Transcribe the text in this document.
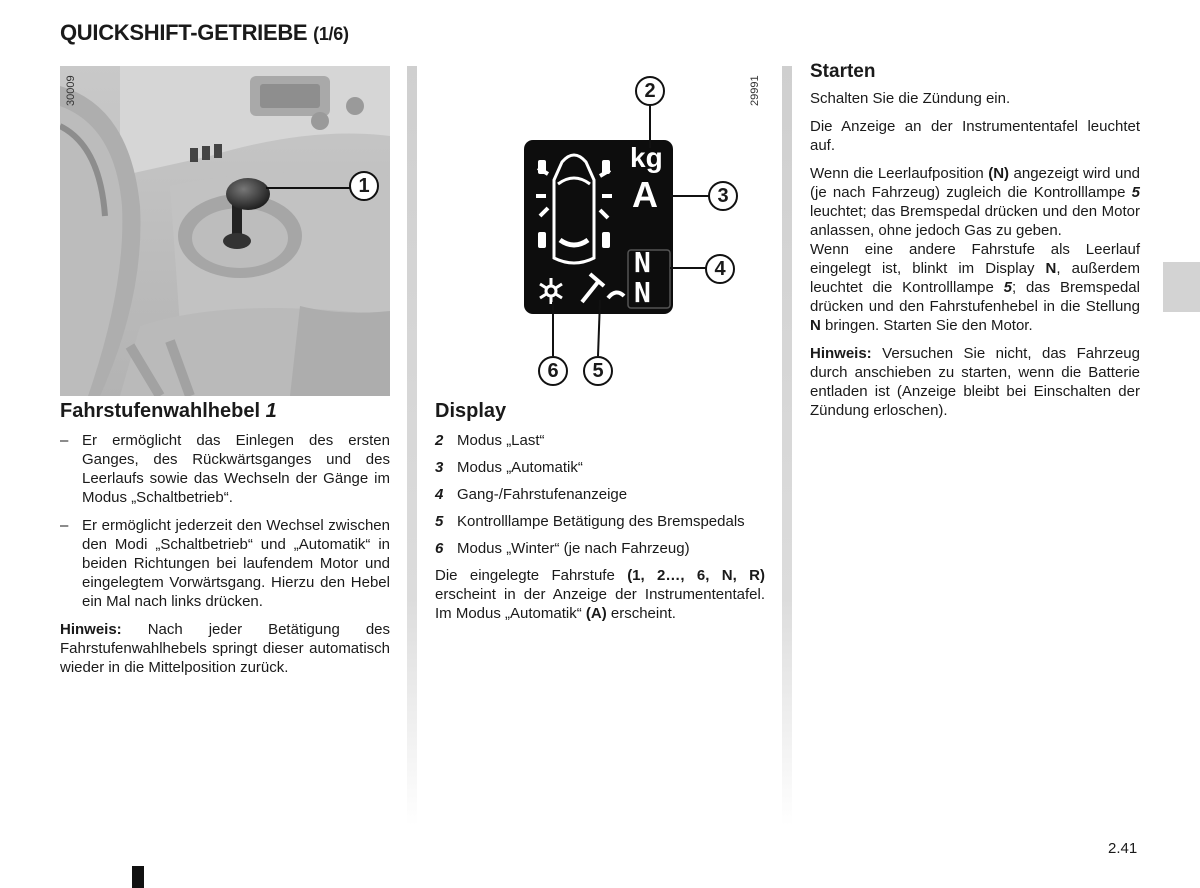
QUICKSHIFT-GETRIEBE (1/6)
30009
1
Fahrstufenwahlhebel 1
– Er ermöglicht das Einlegen des ersten Ganges, des Rückwärtsganges und des Leerlaufs sowie das Wechseln der Gänge im Modus „Schaltbetrieb“.
– Er ermöglicht jederzeit den Wechsel zwischen den Modi „Schaltbetrieb“ und „Automatik“ in beiden Richtungen bei laufendem Motor und eingelegtem Vorwärtsgang. Hierzu den Hebel ein Mal nach links drücken.

Hinweis: Nach jeder Betätigung des Fahrstufenwahlhebels springt dieser automatisch wieder in die Mittelposition zurück.

29991
kg
A
N
N
2
3
4
5
6
Display
2 Modus „Last“
3 Modus „Automatik“
4 Gang-/Fahrstufenanzeige
5 Kontrolllampe Betätigung des Bremspedals
6 Modus „Winter“ (je nach Fahrzeug)

Die eingelegte Fahrstufe (1, 2…, 6, N, R) erscheint in der Anzeige der Instrumententafel. Im Modus „Automatik“ (A) erscheint.

Starten

Schalten Sie die Zündung ein.

Die Anzeige an der Instrumententafel leuchtet auf.

Wenn die Leerlaufposition (N) angezeigt wird und (je nach Fahrzeug) zugleich die Kontrolllampe 5 leuchtet; das Bremspedal drücken und den Motor anlassen, ohne jedoch Gas zu geben.

Wenn eine andere Fahrstufe als Leerlauf eingelegt ist, blinkt im Display N, außerdem leuchtet die Kontrolllampe 5; das Bremspedal drücken und den Fahrstufenhebel in die Stellung N bringen. Starten Sie den Motor.

Hinweis: Versuchen Sie nicht, das Fahrzeug durch anschieben zu starten, wenn die Batterie entladen ist (Anzeige bleibt bei Einschalten der Zündung erloschen).

2.41
